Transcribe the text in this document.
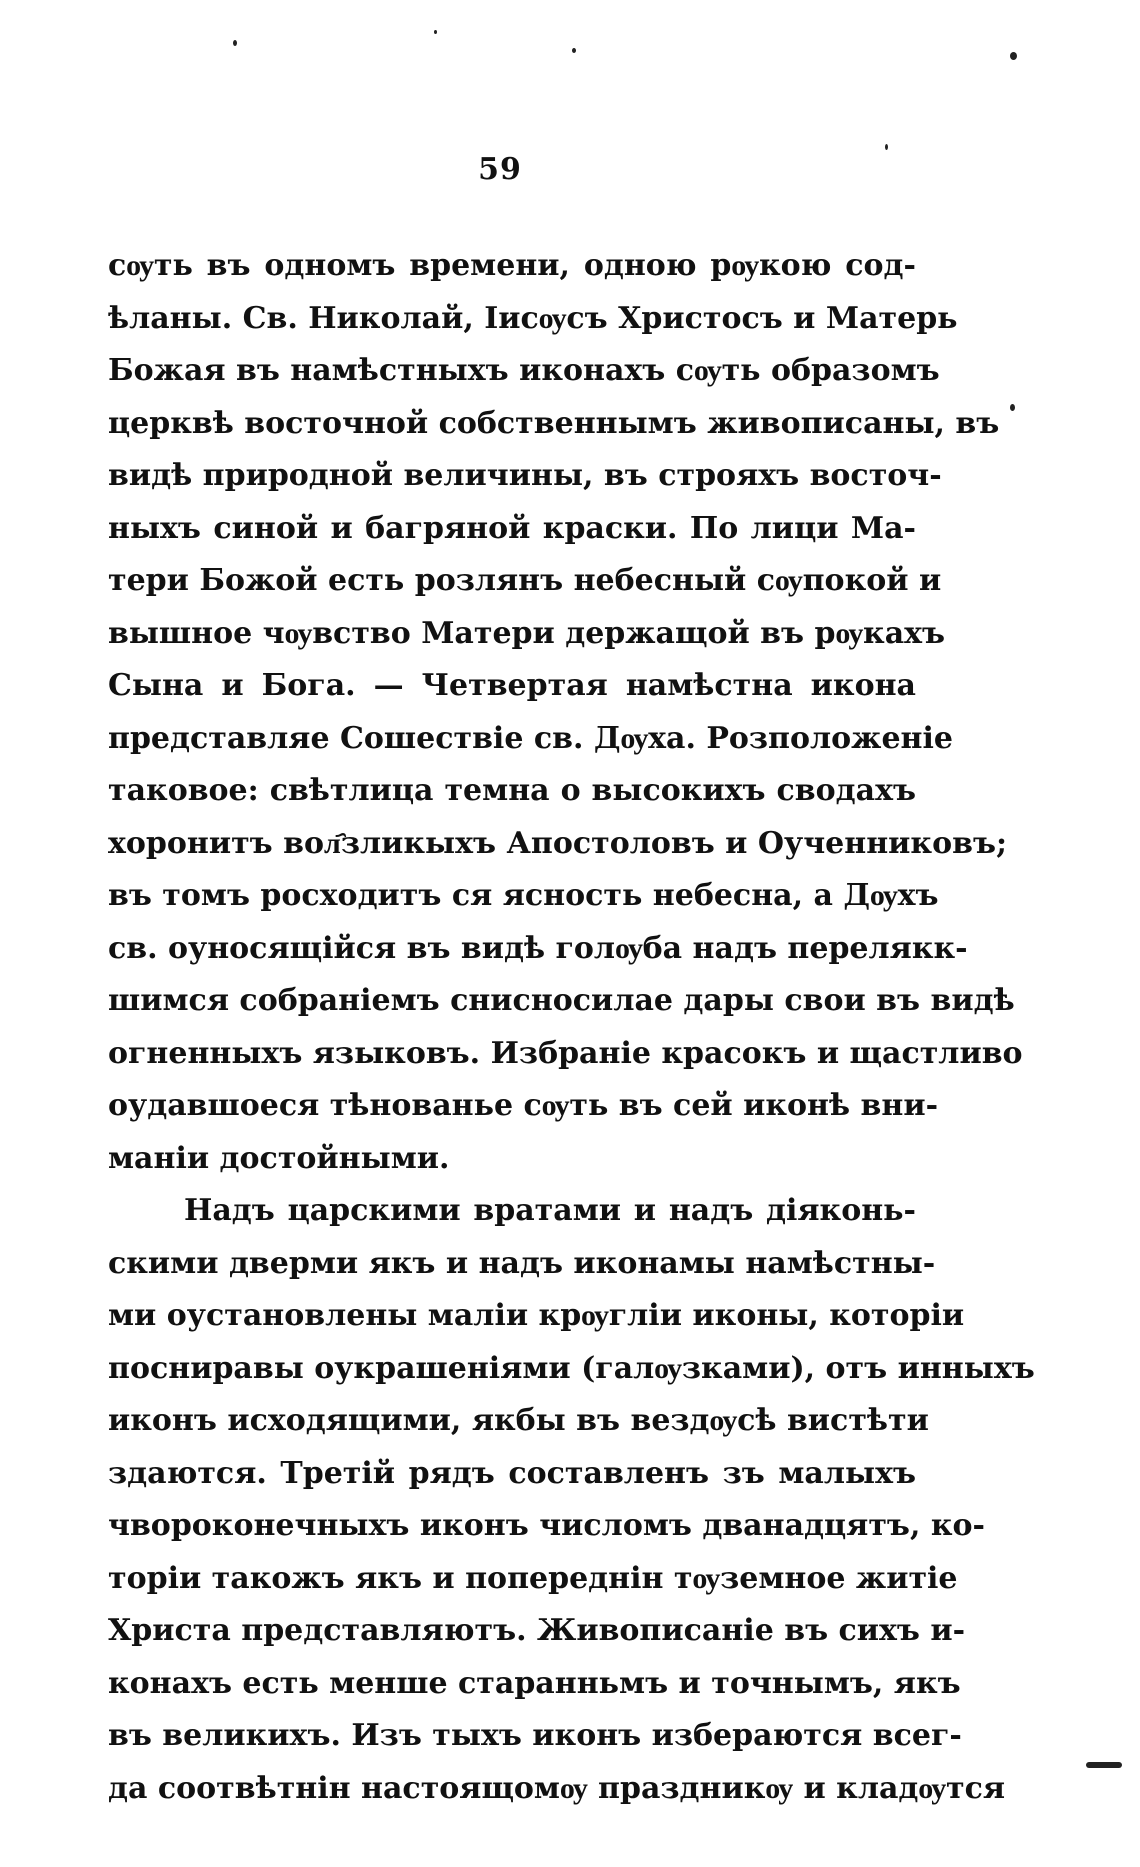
59
сѹть въ одномъ времени, одною рѹкою сод‑
ѣланы. Св. Николай, Іисѹсъ Христосъ и Матерь
Божая въ намѣстныхъ иконахъ сѹть образомъ
церквѣ восточной собственнымъ живописаны, въ
видѣ природной величины, въ строяхъ восточ‑
ныхъ синой и багряной краски. По лици Ма‑
тери Божой есть розлянъ небесный сѹпокой и
вышное чѹвство Матери держащой въ рѹкахъ
Сына и Бога. — Четвертая намѣстна икона
представляе Сошествіе св. Дѹха. Розположеніе
таковое: свѣтлица темна о высокихъ сводахъ
хоронитъ вол҄зликыхъ Апостоловъ и Оученниковъ;
въ томъ росходитъ ся ясность небесна, а Дѹхъ
св. оуносящійся въ видѣ голѹба надъ перелякк‑
шимся собраніемъ снисносилае дары свои въ видѣ
огненныхъ языковъ. Избраніе красокъ и щастливо
оудавшоеся тѣнованье сѹть въ сей иконѣ вни‑
маніи достойными.
Надъ царскими вратами и надъ діяконь‑
скими дверми якъ и надъ иконамы намѣстны‑
ми оустановлены маліи крѹгліи иконы, которіи
посниравы оукрашеніями (галѹзками), отъ инныхъ
иконъ исходящими, якбы въ вездѹсѣ вистѣти
здаются. Третій рядъ составленъ зъ малыхъ
чвороконечныхъ иконъ числомъ дванадцятъ, ко‑
торіи такожъ якъ и попереднін тѹземное житіе
Христа представляютъ. Живописаніе въ сихъ и‑
конахъ есть менше старанньмъ и точнымъ, якъ
въ великихъ. Изъ тыхъ иконъ избераются всег‑
да соотвѣтнін настоящомѹ праздникѹ и кладѹтся
